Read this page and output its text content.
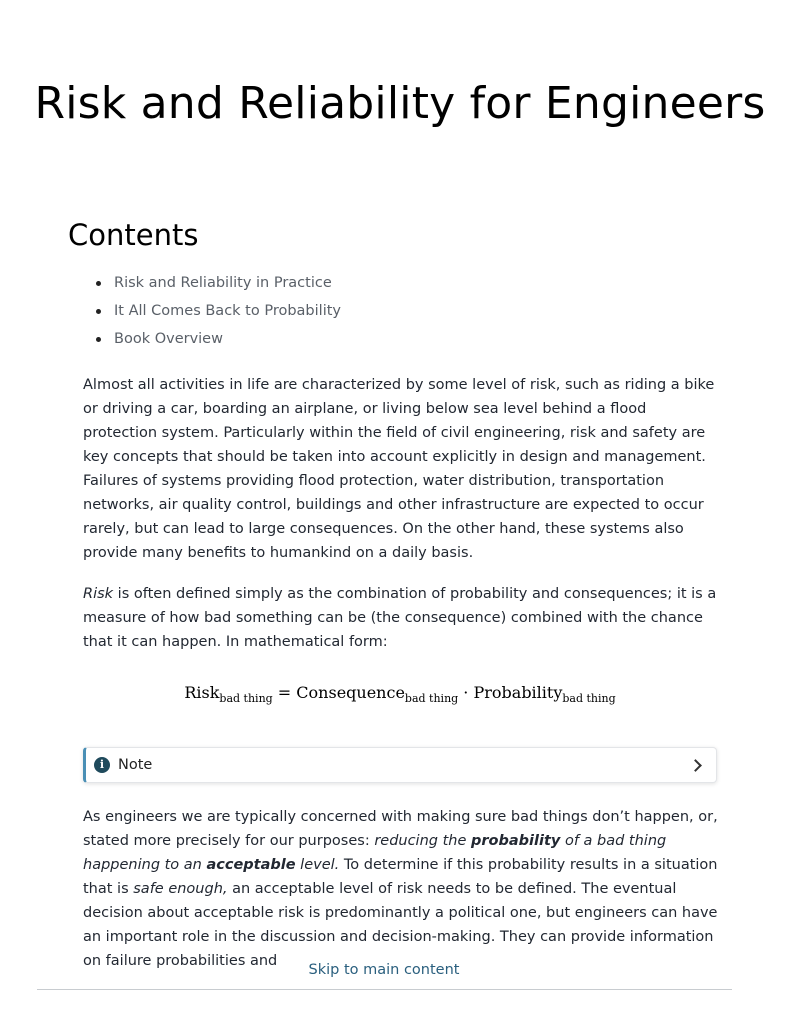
Risk and Reliability for Engineers
Contents
Risk and Reliability in Practice
It All Comes Back to Probability
Book Overview

Almost all activities in life are characterized by some level of risk, such as riding a bike or driving a car, boarding an airplane, or living below sea level behind a flood protection system. Particularly within the field of civil engineering, risk and safety are key concepts that should be taken into account explicitly in design and management. Failures of systems providing flood protection, water distribution, transportation networks, air quality control, buildings and other infrastructure are expected to occur rarely, but can lead to large consequences. On the other hand, these systems also provide many benefits to humankind on a daily basis.

Risk is often defined simply as the combination of probability and consequences; it is a measure of how bad something can be (the consequence) combined with the chance that it can happen. In mathematical form:

Risk$_{bad thing}$ = Consequence$_{bad thing}$ · Probability$_{bad thing}$
i Note

As engineers we are typically concerned with making sure bad things don’t happen, or, stated more precisely for our purposes: reducing the probability of a bad thing happening to an acceptable level. To determine if this probability results in a situation that is safe enough, an acceptable level of risk needs to be defined. The eventual decision about acceptable risk is predominantly a political one, but engineers can have an important role in the discussion and decision-making. They can provide information on failure probabilities and

Skip to main content
